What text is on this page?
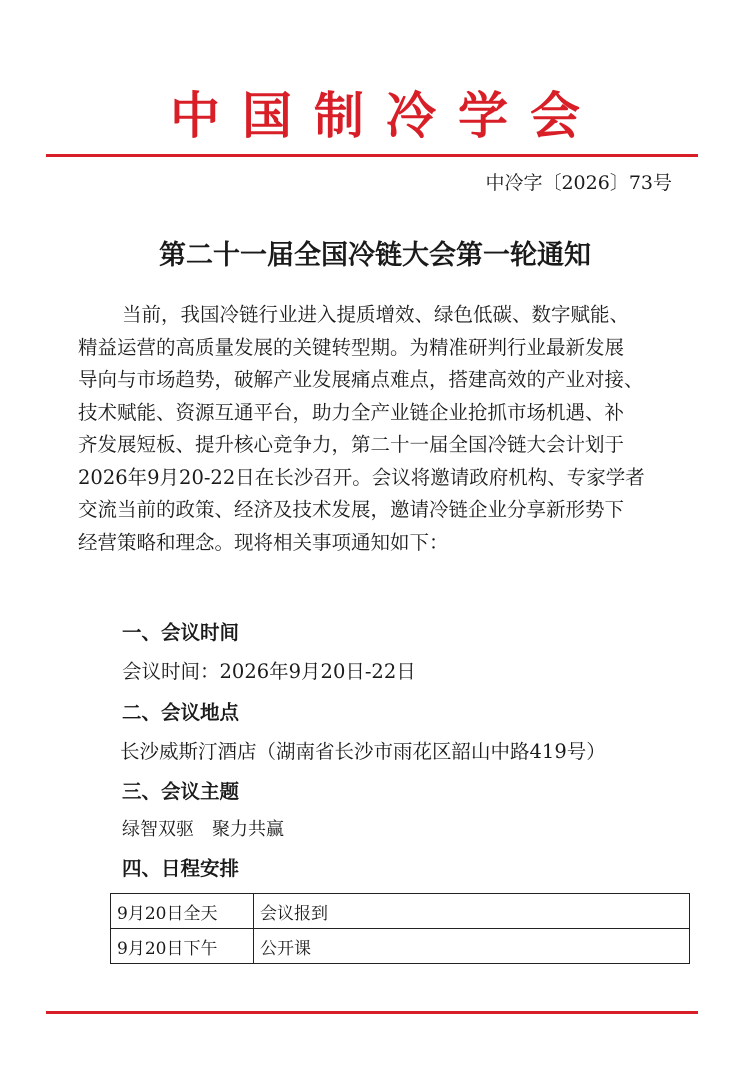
中国制冷学会
中冷字〔2026〕73号
第二十一届全国冷链大会第一轮通知
当前，我国冷链行业进入提质增效、绿色低碳、数字赋能、
精益运营的高质量发展的关键转型期。为精准研判行业最新发展
导向与市场趋势，破解产业发展痛点难点，搭建高效的产业对接、
技术赋能、资源互通平台，助力全产业链企业抢抓市场机遇、补
齐发展短板、提升核心竞争力，第二十一届全国冷链大会计划于
2026年9月20-22日在长沙召开。会议将邀请政府机构、专家学者
交流当前的政策、经济及技术发展，邀请冷链企业分享新形势下
经营策略和理念。现将相关事项通知如下：
一、会议时间
会议时间：2026年9月20日-22日
二、会议地点
长沙威斯汀酒店（湖南省长沙市雨花区韶山中路419号）
三、会议主题
绿智双驱　聚力共赢
四、日程安排
9月20日全天	会议报到
9月20日下午	公开课
